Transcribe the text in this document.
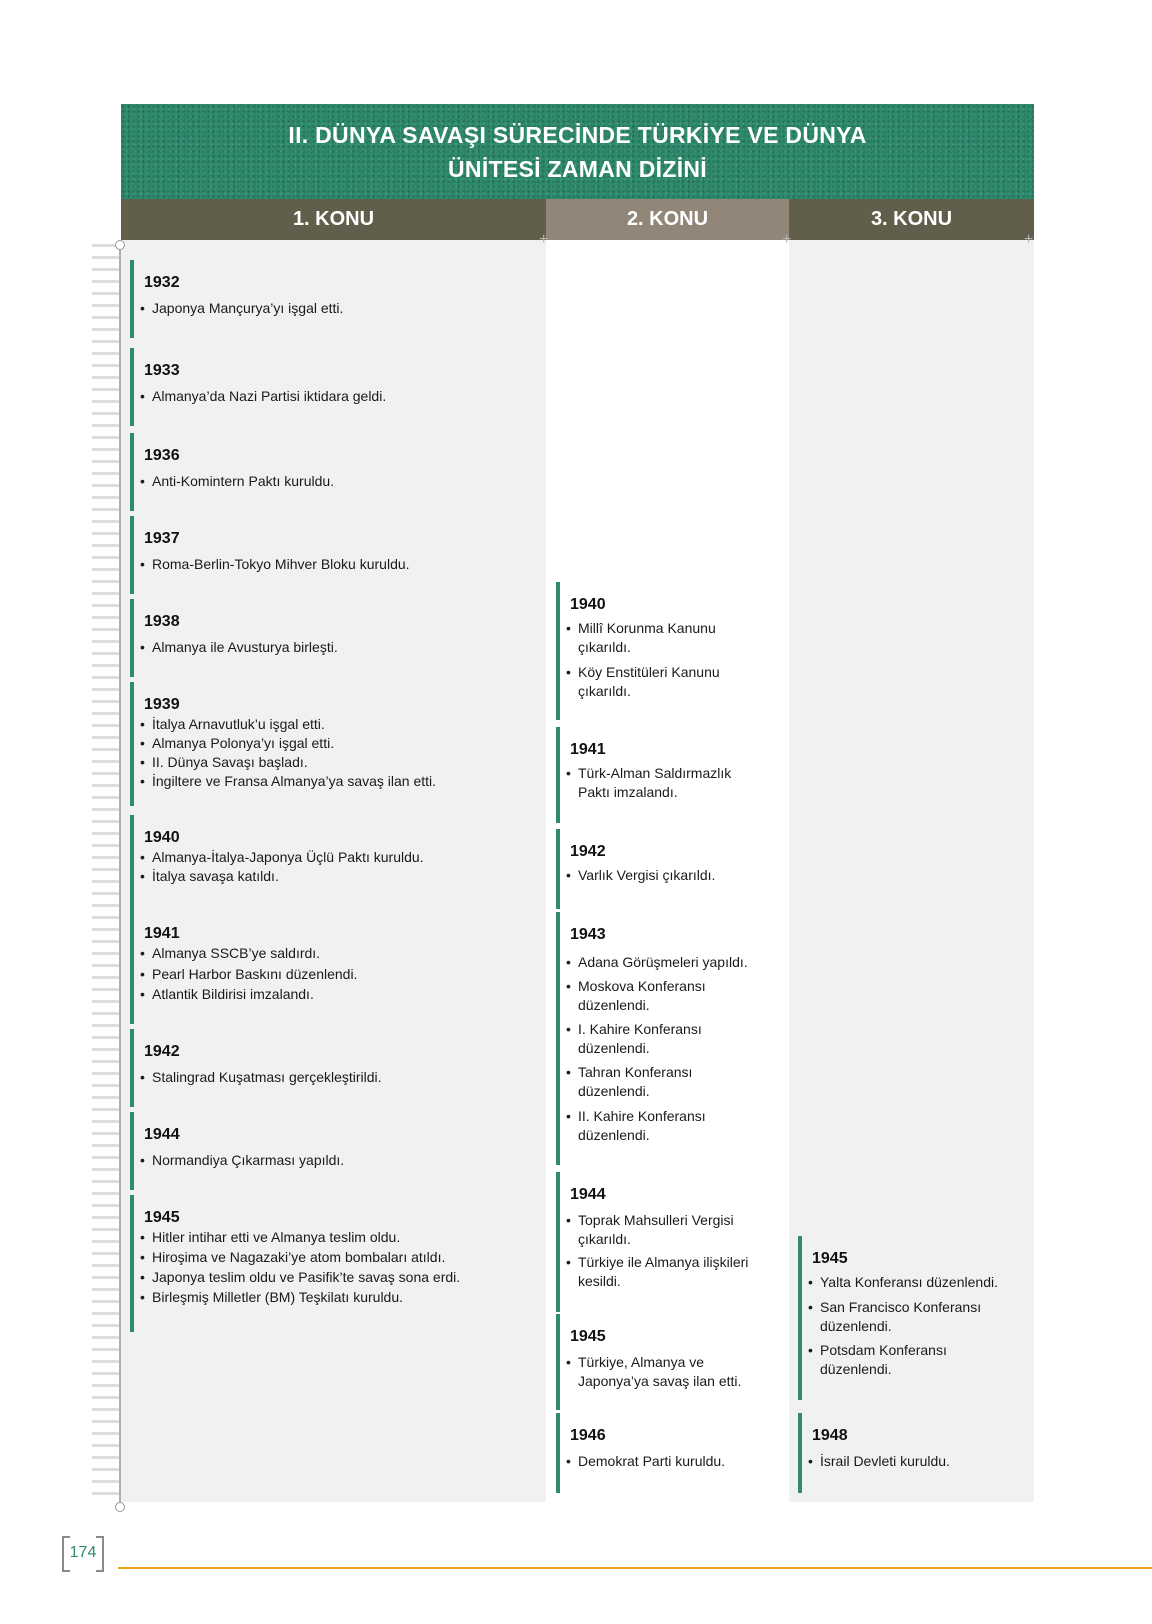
II. DÜNYA SAVAŞI SÜRECİNDE TÜRKİYE VE DÜNYA
ÜNİTESİ ZAMAN DİZİNİ
1. KONU	2. KONU	3. KONU
+	+	+
1932
• Japonya Mançurya’yı işgal etti.
1933
• Almanya’da Nazi Partisi iktidara geldi.
1936
• Anti-Komintern Paktı kuruldu.
1937
• Roma-Berlin-Tokyo Mihver Bloku kuruldu.
1938
• Almanya ile Avusturya birleşti.
1939
• İtalya Arnavutluk’u işgal etti.
• Almanya Polonya’yı işgal etti.
• II. Dünya Savaşı başladı.
• İngiltere ve Fransa Almanya’ya savaş ilan etti.
1940
• Almanya-İtalya-Japonya Üçlü Paktı kuruldu.
• İtalya savaşa katıldı.
1941
• Almanya SSCB’ye saldırdı.
• Pearl Harbor Baskını düzenlendi.
• Atlantik Bildirisi imzalandı.
1942
• Stalingrad Kuşatması gerçekleştirildi.
1944
• Normandiya Çıkarması yapıldı.
1945
• Hitler intihar etti ve Almanya teslim oldu.
• Hiroşima ve Nagazaki’ye atom bombaları atıldı.
• Japonya teslim oldu ve Pasifik’te savaş sona erdi.
• Birleşmiş Milletler (BM) Teşkilatı kuruldu.
1940
• Millî Korunma Kanunu
çıkarıldı.
• Köy Enstitüleri Kanunu
çıkarıldı.
1941
• Türk-Alman Saldırmazlık
Paktı imzalandı.
1942
• Varlık Vergisi çıkarıldı.
1943
• Adana Görüşmeleri yapıldı.
• Moskova Konferansı
düzenlendi.
• I. Kahire Konferansı
düzenlendi.
• Tahran Konferansı
düzenlendi.
• II. Kahire Konferansı
düzenlendi.
1944
• Toprak Mahsulleri Vergisi
çıkarıldı.
• Türkiye ile Almanya ilişkileri
kesildi.
1945
• Türkiye, Almanya ve
Japonya’ya savaş ilan etti.
1946
• Demokrat Parti kuruldu.
1945
• Yalta Konferansı düzenlendi.
• San Francisco Konferansı
düzenlendi.
• Potsdam Konferansı
düzenlendi.
1948
• İsrail Devleti kuruldu.
174
